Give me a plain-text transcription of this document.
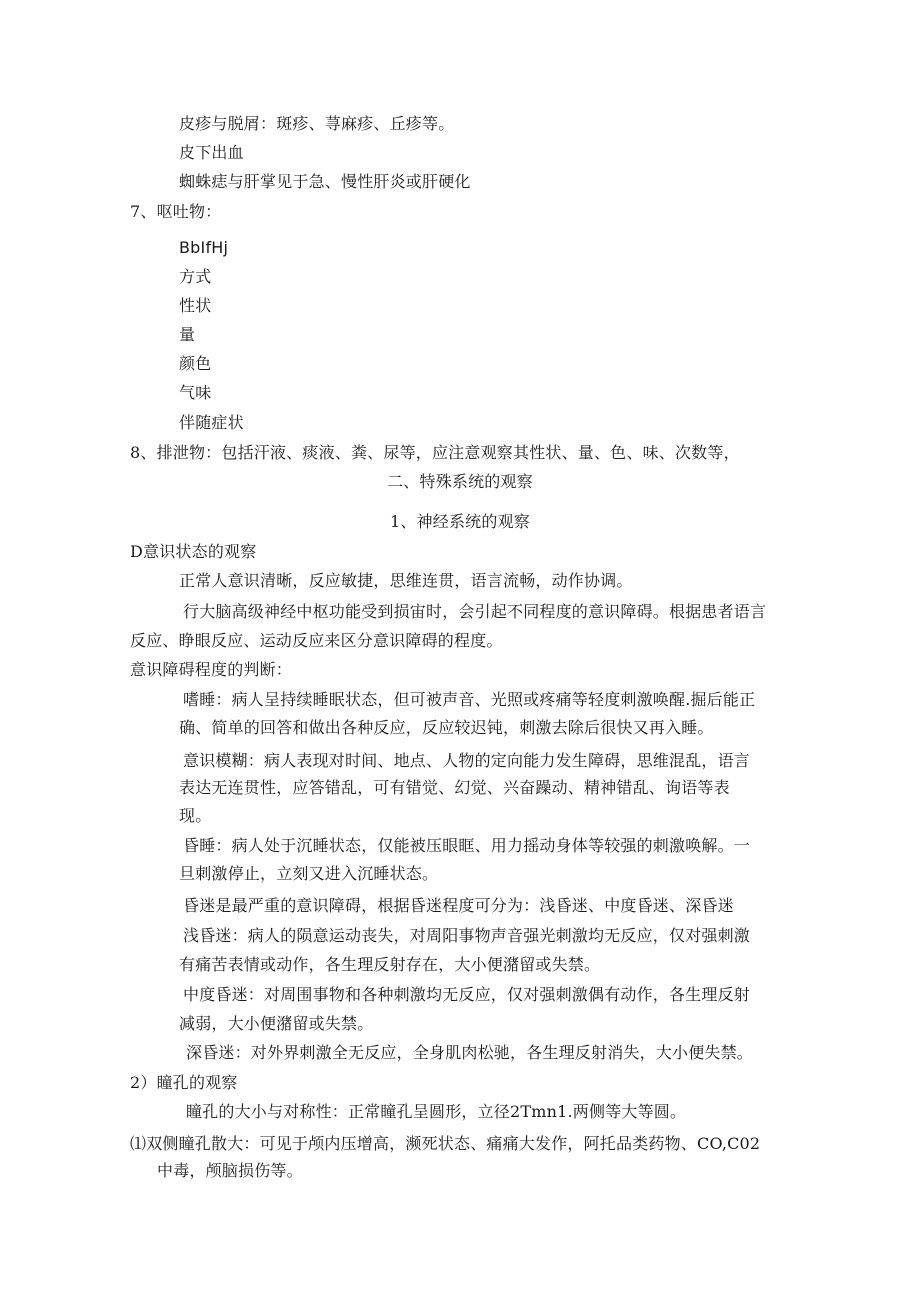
皮疹与脱屑：斑疹、荨麻疹、丘疹等。
皮下出血
蜘蛛痣与肝掌见于急、慢性肝炎或肝硬化
7、呕吐物：
BbIfHj
方式
性状
量
颜色
气味
伴随症状
8、排泄物：包括汗液、痰液、粪、尿等，应注意观察其性状、量、色、味、次数等，
二、特殊系统的观察
1、神经系统的观察
D意识状态的观察
正常人意识清晰，反应敏捷，思维连贯，语言流畅，动作协调。
行大脑高级神经中枢功能受到损宙时，会引起不同程度的意识障碍。根据患者语言
反应、睁眼反应、运动反应来区分意识障碍的程度。
意识障碍程度的判断：
嗜睡：病人呈持续睡眠状态，但可被声音、光照或疼痛等轻度刺激唤醒.掘后能正
确、简单的回答和做出各种反应，反应较迟钝，刺激去除后很快又再入睡。
意识模糊：病人表现对时间、地点、人物的定向能力发生障碍，思维混乱，语言
表达无连贯性，应答错乱，可有错觉、幻觉、兴奋躁动、精神错乱、询语等表
现。
昏睡：病人处于沉睡状态，仅能被压眼眶、用力摇动身体等较强的刺激唤解。一
旦刺激停止，立刻又进入沉睡状态。
昏迷是最严重的意识障碍，根据昏迷程度可分为：浅昏迷、中度昏迷、深昏迷
浅昏迷：病人的陨意运动丧失，对周阳事物声音强光刺激均无反应，仅对强刺激
有痛苦表情或动作，各生理反射存在，大小便潴留或失禁。
中度昏迷：对周围事物和各种刺激均无反应，仅对强刺激偶有动作，各生理反射
减弱，大小便潴留或失禁。
深昏迷：对外界刺激全无反应，全身肌肉松驰，各生理反射消失，大小便失禁。
2）瞳孔的观察
瞳孔的大小与对称性：正常瞳孔呈圆形，立径2Tmn1.两侧等大等圆。
⑴双侧瞳孔散大：可见于颅内压增高，濒死状态、痛痛大发作，阿托品类药物、CO,C02
中毒，颅脑损伤等。
